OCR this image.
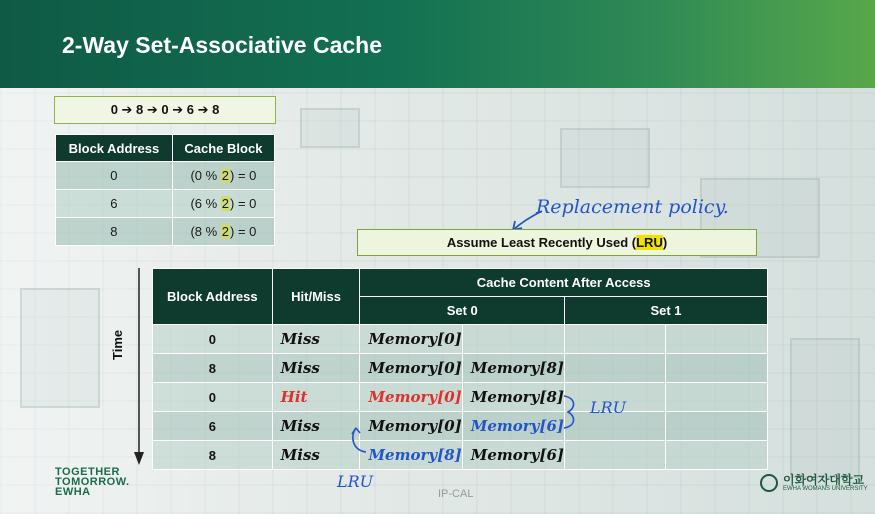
2-Way Set-Associative Cache
0 ➔ 8 ➔ 0 ➔ 6 ➔ 8
Block Address	Cache Block
0	(0 % 2) = 0
6	(6 % 2) = 0
8	(8 % 2) = 0
Replacement policy.
Assume Least Recently Used ( LRU )
Time
Block Address	Hit/Miss	Cache Content After Access			
		Set 0		Set 1	
0	Miss	Memory[0]			
8	Miss	Memory[0]	Memory[8]		
0	Hit	Memory[0]	Memory[8]		
6	Miss	Memory[0]	Memory[6]		
8	Miss	Memory[8]	Memory[6]		
LRU
LRU
TOGETHER
TOMORROW.
EWHA	IP-CAL
이화여자대학교
EWHA WOMANS UNIVERSITY
